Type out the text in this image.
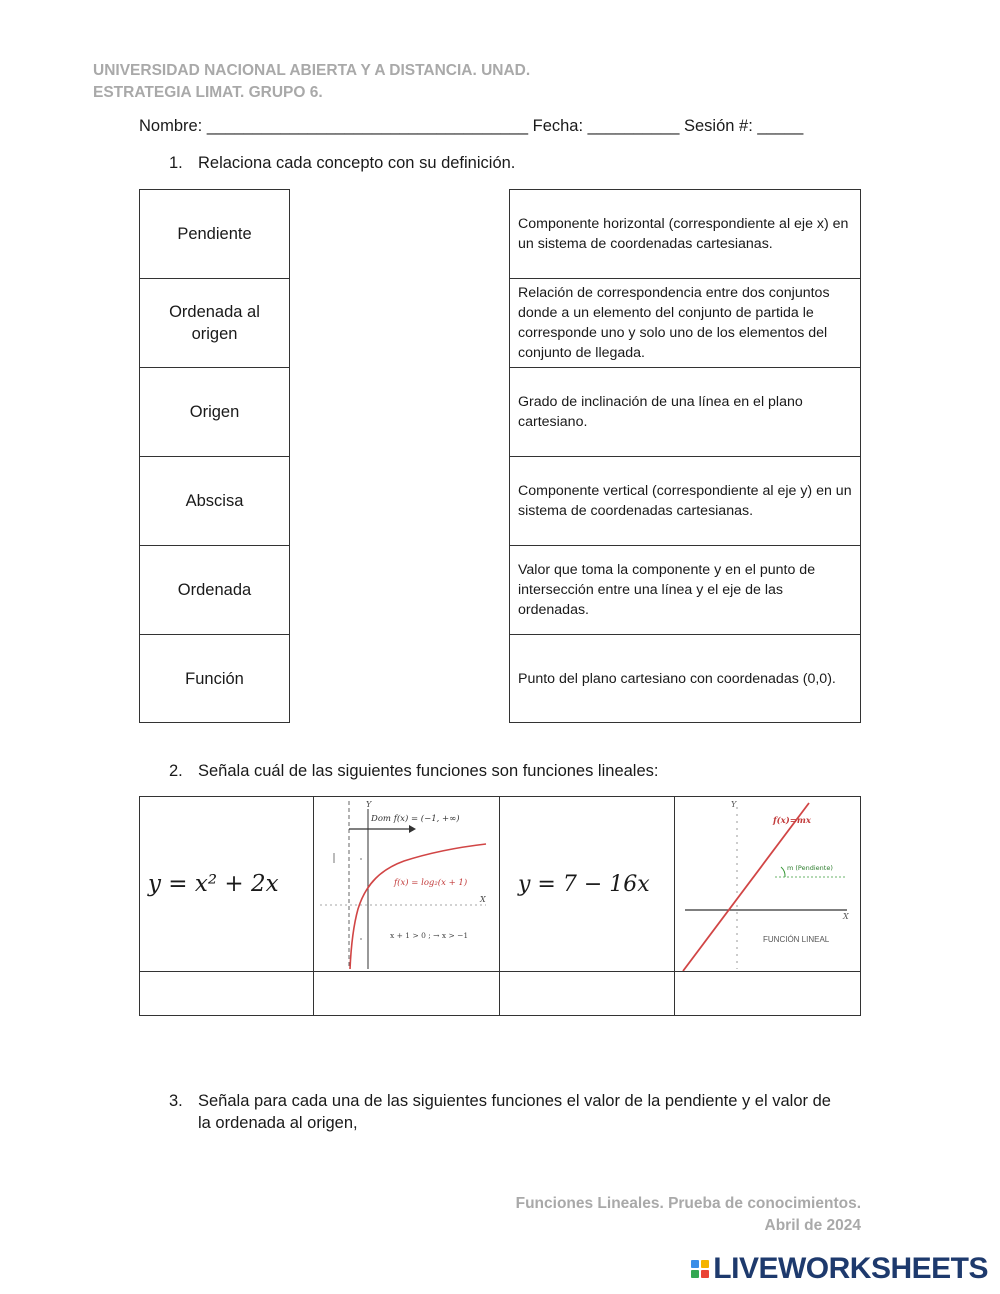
UNIVERSIDAD NACIONAL ABIERTA Y A DISTANCIA. UNAD.
ESTRATEGIA LIMAT. GRUPO 6.
Nombre: ___________________________________ Fecha: __________ Sesión #: _____
1. Relaciona cada concepto con su definición.
Pendiente
Ordenada al origen
Origen
Abscisa
Ordenada
Función
Componente horizontal (correspondiente al eje x) en un sistema de coordenadas cartesianas.
Relación de correspondencia entre dos conjuntos donde a un elemento del conjunto de partida le corresponde uno y solo uno de los elementos del conjunto de llegada.
Grado de inclinación de una línea en el plano cartesiano.
Componente vertical (correspondiente al eje y) en un sistema de coordenadas cartesianas.
Valor que toma la componente y en el punto de intersección entre una línea y el eje de las ordenadas.
Punto del plano cartesiano con coordenadas (0,0).
2. Señala cuál de las siguientes funciones son funciones lineales:
y = x² + 2x
Y
X
Dom f(x) = (−1, +∞)
f(x) = log₂(x + 1)
x + 1 > 0 ; → x > −1
y = 7 − 16x
Y
X
f(x)=mx
m (Pendiente)
FUNCIÓN LINEAL
3. Señala para cada una de las siguientes funciones el valor de la pendiente y el valor de
la ordenada al origen,
Funciones Lineales. Prueba de conocimientos.
Abril de 2024
LIVEWORKSHEETS
